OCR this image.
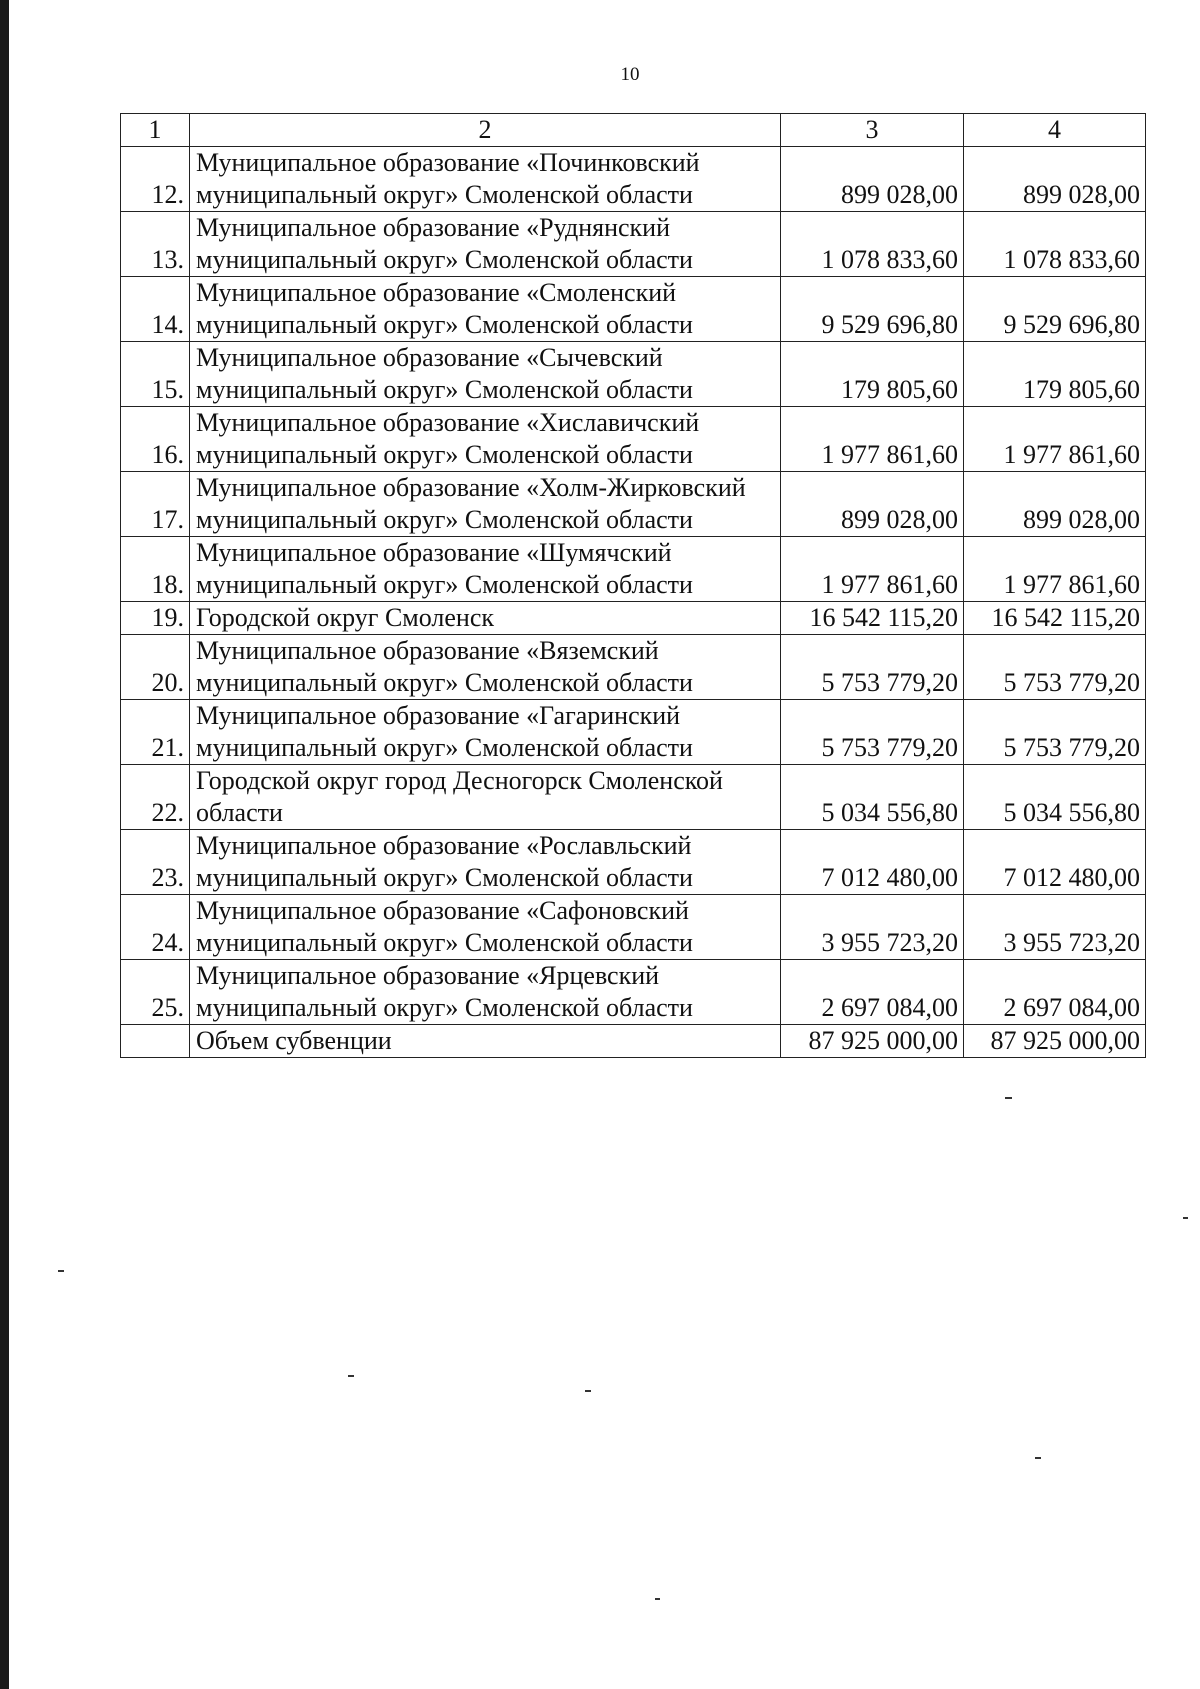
10
1	2	3	4
12.	Муниципальное образование «Починковский муниципальный округ» Смоленской области	899 028,00	899 028,00
13.	Муниципальное образование «Руднянский муниципальный округ» Смоленской области	1 078 833,60	1 078 833,60
14.	Муниципальное образование «Смоленский муниципальный округ» Смоленской области	9 529 696,80	9 529 696,80
15.	Муниципальное образование «Сычевский муниципальный округ» Смоленской области	179 805,60	179 805,60
16.	Муниципальное образование «Хиславичский муниципальный округ» Смоленской области	1 977 861,60	1 977 861,60
17.	Муниципальное образование «Холм-Жирковский муниципальный округ» Смоленской области	899 028,00	899 028,00
18.	Муниципальное образование «Шумячский муниципальный округ» Смоленской области	1 977 861,60	1 977 861,60
19.	Городской округ Смоленск	16 542 115,20	16 542 115,20
20.	Муниципальное образование «Вяземский муниципальный округ» Смоленской области	5 753 779,20	5 753 779,20
21.	Муниципальное образование «Гагаринский муниципальный округ» Смоленской области	5 753 779,20	5 753 779,20
22.	Городской округ город Десногорск Смоленской области	5 034 556,80	5 034 556,80
23.	Муниципальное образование «Рославльский муниципальный округ» Смоленской области	7 012 480,00	7 012 480,00
24.	Муниципальное образование «Сафоновский муниципальный округ» Смоленской области	3 955 723,20	3 955 723,20
25.	Муниципальное образование «Ярцевский муниципальный округ» Смоленской области	2 697 084,00	2 697 084,00
	Объем субвенции	87 925 000,00	87 925 000,00
